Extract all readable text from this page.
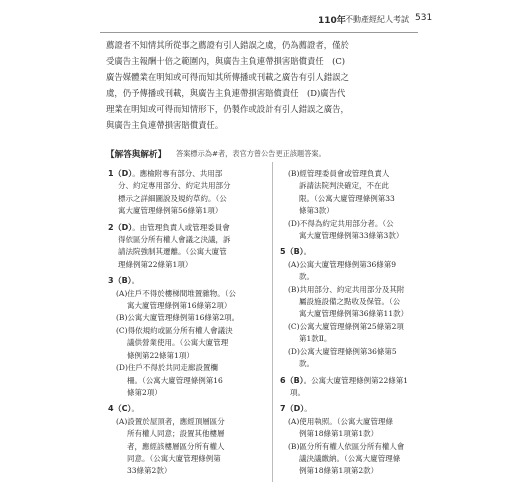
110年 不動產經紀人考試 531
薦證者不知情其所從事之薦證有引人錯誤之虞，仍為薦證者，僅於
受廣告主報酬十倍之範圍內，與廣告主負連帶損害賠償責任　(C)
廣告媒體業在明知或可得而知其所傳播或刊載之廣告有引人錯誤之
虞，仍予傳播或刊載，與廣告主負連帶損害賠償責任　(D)廣告代
理業在明知或可得而知情形下，仍製作或設計有引人錯誤之廣告，
與廣告主負連帶損害賠償責任。
【解答與解析】 答案標示為#者，表官方曾公告更正該題答案。
1（D）。應檢附專有部分、共用部
分、約定專用部分、約定共用部分
標示之詳細圖說及規約草約。（公
寓大廈管理條例第56條第1項）
2（D）。由管理負責人或管理委員會
得依區分所有權人會議之決議，訴
請法院強制其遷離。（公寓大廈管
理條例第22條第1項）
3（B）。
(A)住戶不得於樓梯間堆置雜物。（公
寓大廈管理條例第16條第2項）
(B)公寓大廈管理條例第16條第2項。
(C)得依規約或區分所有權人會議決
議供營業使用。（公寓大廈管理
條例第22條第1項）
(D)住戶不得於共同走廊設置欄
柵。（公寓大廈管理條例第16
條第2項）
4（C）。
(A)設置於屋頂者，應經頂層區分
所有權人同意；設置其他樓層
者，應經該樓層區分所有權人
同意。（公寓大廈管理條例第
33條第2款）
(B)經管理委員會或管理負責人
訴請法院判決確定，不在此
限。（公寓大廈管理條例第33
條第3款）
(D)不得為約定共用部分者。（公
寓大廈管理條例第33條第3款）
5（B）。
(A)公寓大廈管理條例第36條第9
款。
(B)共用部分、約定共用部分及其附
屬設施設備之點收及保管。（公
寓大廈管理條例第36條第11款）
(C)公寓大廈管理條例第25條第2項
第1款Ⅱ。
(D)公寓大廈管理條例第36條第5
款。
6（B）。公寓大廈管理條例第22條第1
項。
7（D）。
(A)使用執照。（公寓大廈管理條
例第18條第1項第1款）
(B)區分所有權人依區分所有權人會
議決議繳納。（公寓大廈管理條
例第18條第1項第2款）
